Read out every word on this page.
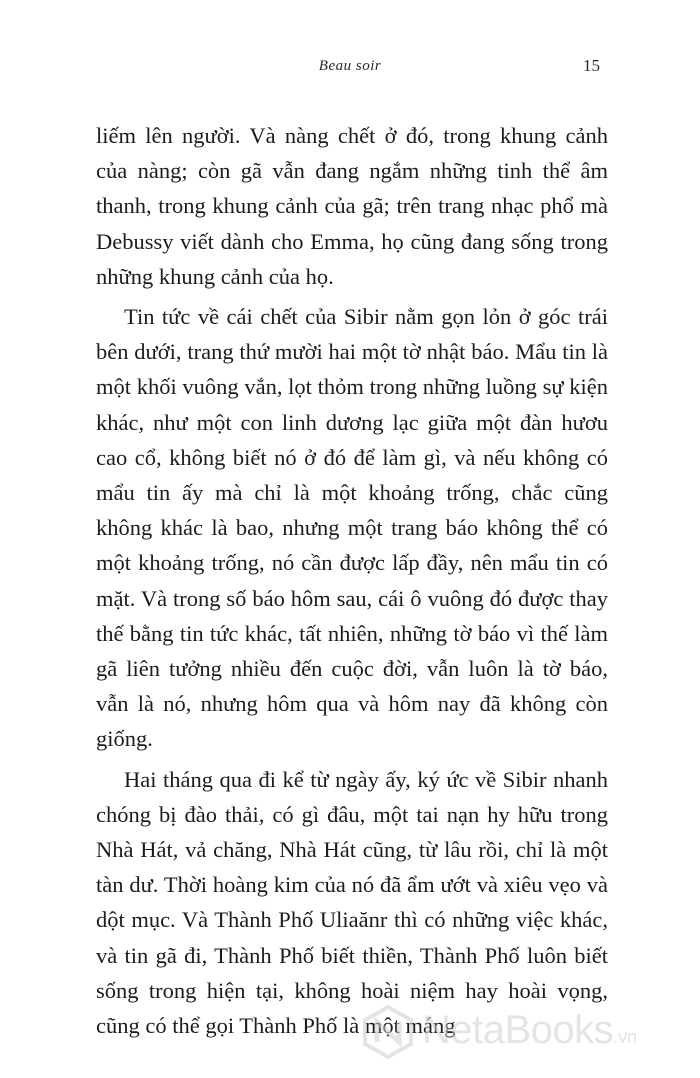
Beau soir	15

liếm lên người. Và nàng chết ở đó, trong khung cảnh của nàng; còn gã vẫn đang ngắm những tinh thể âm thanh, trong khung cảnh của gã; trên trang nhạc phổ mà Debussy viết dành cho Emma, họ cũng đang sống trong những khung cảnh của họ.

Tin tức về cái chết của Sibir nằm gọn lỏn ở góc trái bên dưới, trang thứ mười hai một tờ nhật báo. Mẩu tin là một khối vuông vắn, lọt thỏm trong những luồng sự kiện khác, như một con linh dương lạc giữa một đàn hươu cao cổ, không biết nó ở đó để làm gì, và nếu không có mẩu tin ấy mà chỉ là một khoảng trống, chắc cũng không khác là bao, nhưng một trang báo không thể có một khoảng trống, nó cần được lấp đầy, nên mẩu tin có mặt. Và trong số báo hôm sau, cái ô vuông đó được thay thế bằng tin tức khác, tất nhiên, những tờ báo vì thế làm gã liên tưởng nhiều đến cuộc đời, vẫn luôn là tờ báo, vẫn là nó, nhưng hôm qua và hôm nay đã không còn giống.

Hai tháng qua đi kể từ ngày ấy, ký ức về Sibir nhanh chóng bị đào thải, có gì đâu, một tai nạn hy hữu trong Nhà Hát, vả chăng, Nhà Hát cũng, từ lâu rồi, chỉ là một tàn dư. Thời hoàng kim của nó đã ẩm ướt và xiêu vẹo và dột mục. Và Thành Phố Uliaănr thì có những việc khác, và tin gã đi, Thành Phố biết thiền, Thành Phố luôn biết sống trong hiện tại, không hoài niệm hay hoài vọng, cũng có thể gọi Thành Phố là một máng

NetaBooks.vn
